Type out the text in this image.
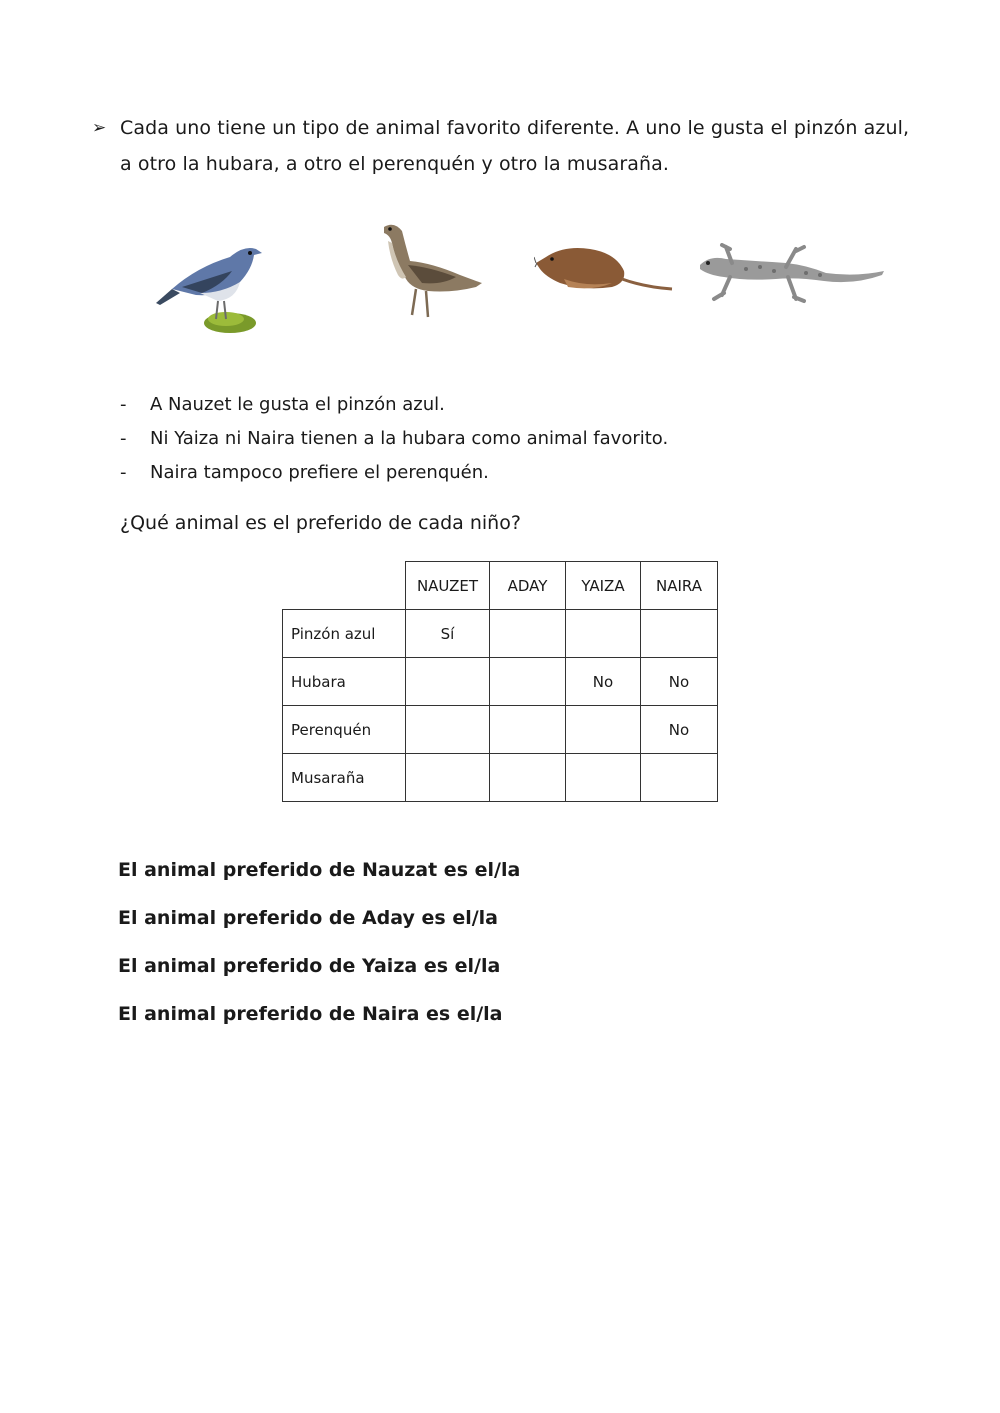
➢ Cada uno tiene un tipo de animal favorito diferente. A uno le gusta el pinzón azul, a otro la hubara, a otro el perenquén y otro la musaraña.
- A Nauzet le gusta el pinzón azul.
- Ni Yaiza ni Naira tienen a la hubara como animal favorito.
- Naira tampoco prefiere el perenquén.
¿Qué animal es el preferido de cada niño?
	NAUZET	ADAY	YAIZA	NAIRA
Pinzón azul	Sí			
Hubara			No	No
Perenquén				No
Musaraña				
El animal preferido de Nauzat es el/la
El animal preferido de Aday es el/la
El animal preferido de Yaiza es el/la
El animal preferido de Naira es el/la
